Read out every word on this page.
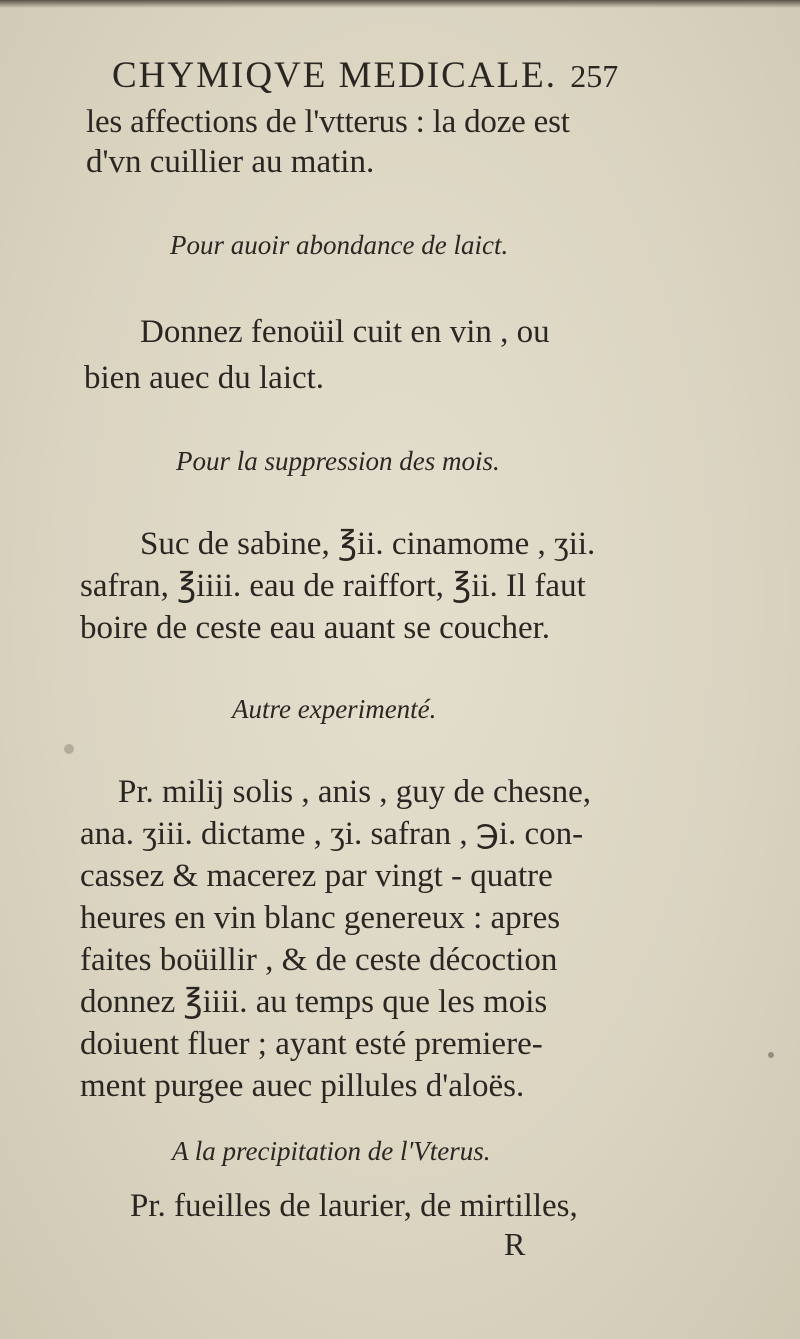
CHYMIQVE MEDICALE. 257
les affections de l'vtterus : la doze est
d'vn cuillier au matin.
Pour auoir abondance de laict.
Donnez fenoüil cuit en vin , ou
bien auec du laict.
Pour la suppression des mois.
Suc de sabine, ℥ii. cinamome , ʒii.
safran, ℥iiii. eau de raiffort, ℥ii. Il faut
boire de ceste eau auant se coucher.
Autre experimenté.
Pr. milij solis , anis , guy de chesne,
ana. ʒiii. dictame , ʒi. safran , ℈i. con-
cassez & macerez par vingt - quatre
heures en vin blanc genereux : apres
faites boüillir , & de ceste décoction
donnez ℥iiii. au temps que les mois
doiuent fluer ; ayant esté premiere-
ment purgee auec pillules d'aloës.
A la precipitation de l'Vterus.
Pr. fueilles de laurier, de mirtilles,
R
